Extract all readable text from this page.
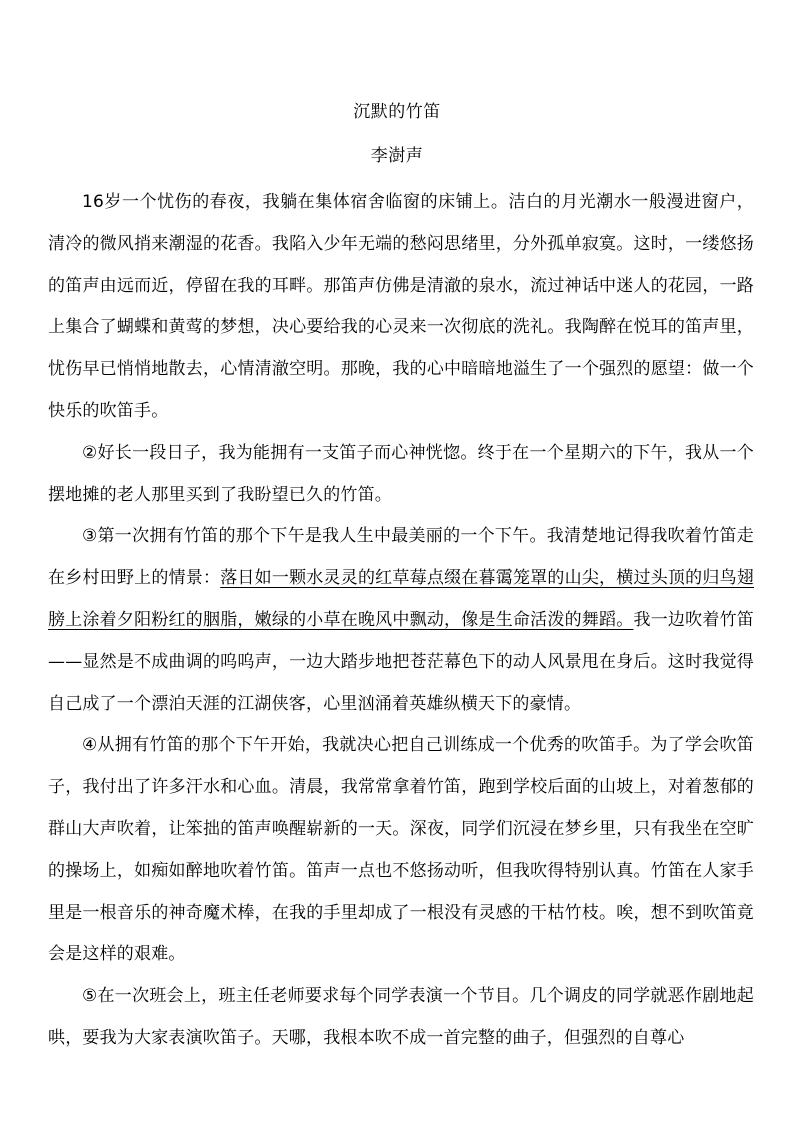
沉默的竹笛
李澍声

16岁一个忧伤的春夜，我躺在集体宿舍临窗的床铺上。洁白的月光潮水一般漫进窗户，清冷的微风捎来潮湿的花香。我陷入少年无端的愁闷思绪里，分外孤单寂寞。这时，一缕悠扬的笛声由远而近，停留在我的耳畔。那笛声仿佛是清澈的泉水，流过神话中迷人的花园，一路上集合了蝴蝶和黄莺的梦想，决心要给我的心灵来一次彻底的洗礼。我陶醉在悦耳的笛声里，忧伤早已悄悄地散去，心情清澈空明。那晚，我的心中暗暗地溢生了一个强烈的愿望：做一个快乐的吹笛手。

②好长一段日子，我为能拥有一支笛子而心神恍惚。终于在一个星期六的下午，我从一个摆地摊的老人那里买到了我盼望已久的竹笛。

③第一次拥有竹笛的那个下午是我人生中最美丽的一个下午。我清楚地记得我吹着竹笛走在乡村田野上的情景：落日如一颗水灵灵的红草莓点缀在暮霭笼罩的山尖，横过头顶的归鸟翅膀上涂着夕阳粉红的胭脂，嫩绿的小草在晚风中飘动，像是生命活泼的舞蹈。我一边吹着竹笛——显然是不成曲调的呜呜声，一边大踏步地把苍茫幕色下的动人风景甩在身后。这时我觉得自己成了一个漂泊天涯的江湖侠客，心里汹涌着英雄纵横天下的豪情。

④从拥有竹笛的那个下午开始，我就决心把自己训练成一个优秀的吹笛手。为了学会吹笛子，我付出了许多汗水和心血。清晨，我常常拿着竹笛，跑到学校后面的山坡上，对着葱郁的群山大声吹着，让笨拙的笛声唤醒崭新的一天。深夜，同学们沉浸在梦乡里，只有我坐在空旷的操场上，如痴如醉地吹着竹笛。笛声一点也不悠扬动听，但我吹得特别认真。竹笛在人家手里是一根音乐的神奇魔术棒，在我的手里却成了一根没有灵感的干枯竹枝。唉，想不到吹笛竟会是这样的艰难。

⑤在一次班会上，班主任老师要求每个同学表演一个节目。几个调皮的同学就恶作剧地起哄，要我为大家表演吹笛子。天哪，我根本吹不成一首完整的曲子，但强烈的自尊心
